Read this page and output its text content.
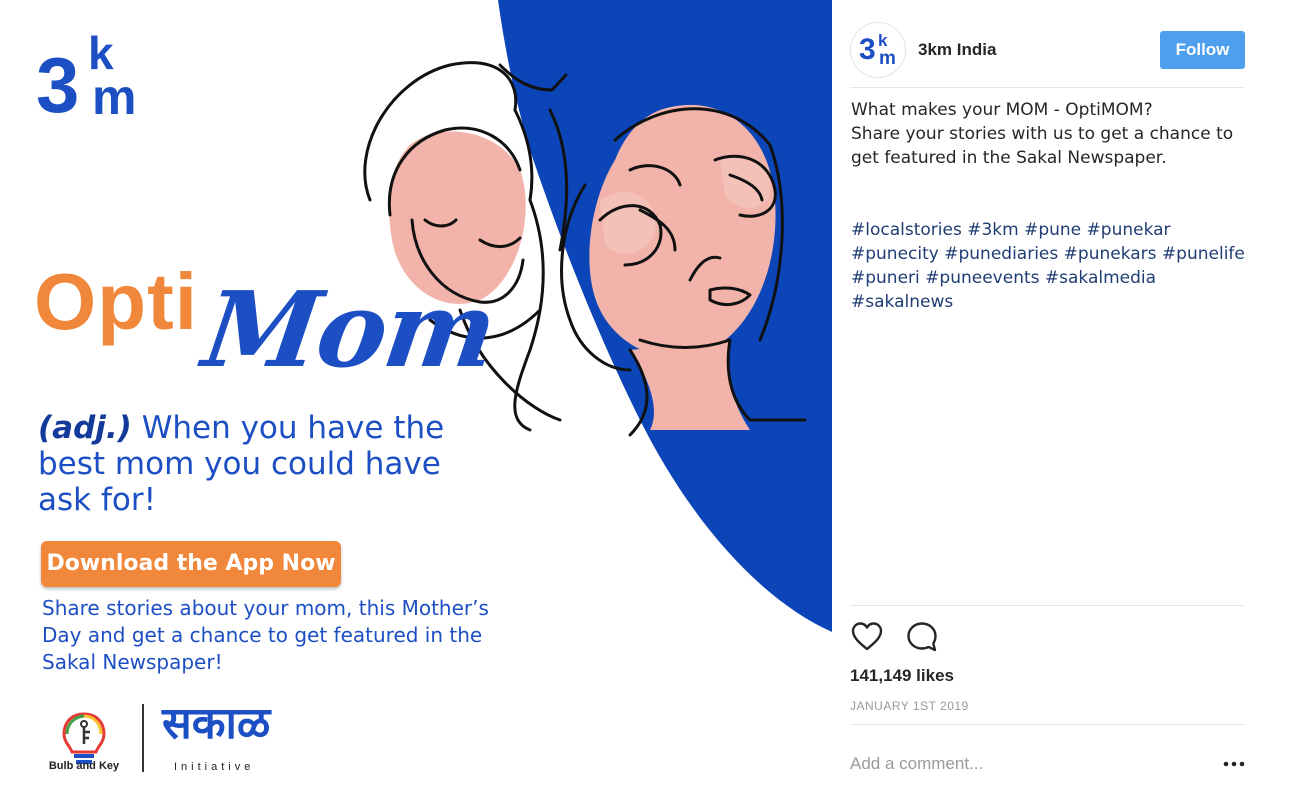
3 k
m
Opti
Mom
(adj.) When you have the best mom you could have ask for!
Download the App Now
Share stories about your mom, this Mother’s Day and get a chance to get featured in the Sakal Newspaper!
Bulb and Key
सकाळ
Initiative
3 k
m 3km India	Follow
What makes your MOM - OptiMOM?
Share your stories with us to get a chance to get featured in the Sakal Newspaper.
#localstories #3km #pune #punekar #punecity #punediaries #punekars #punelife #puneri #puneevents #sakalmedia #sakalnews
141,149 likes
JANUARY 1ST 2019
Add a comment...
